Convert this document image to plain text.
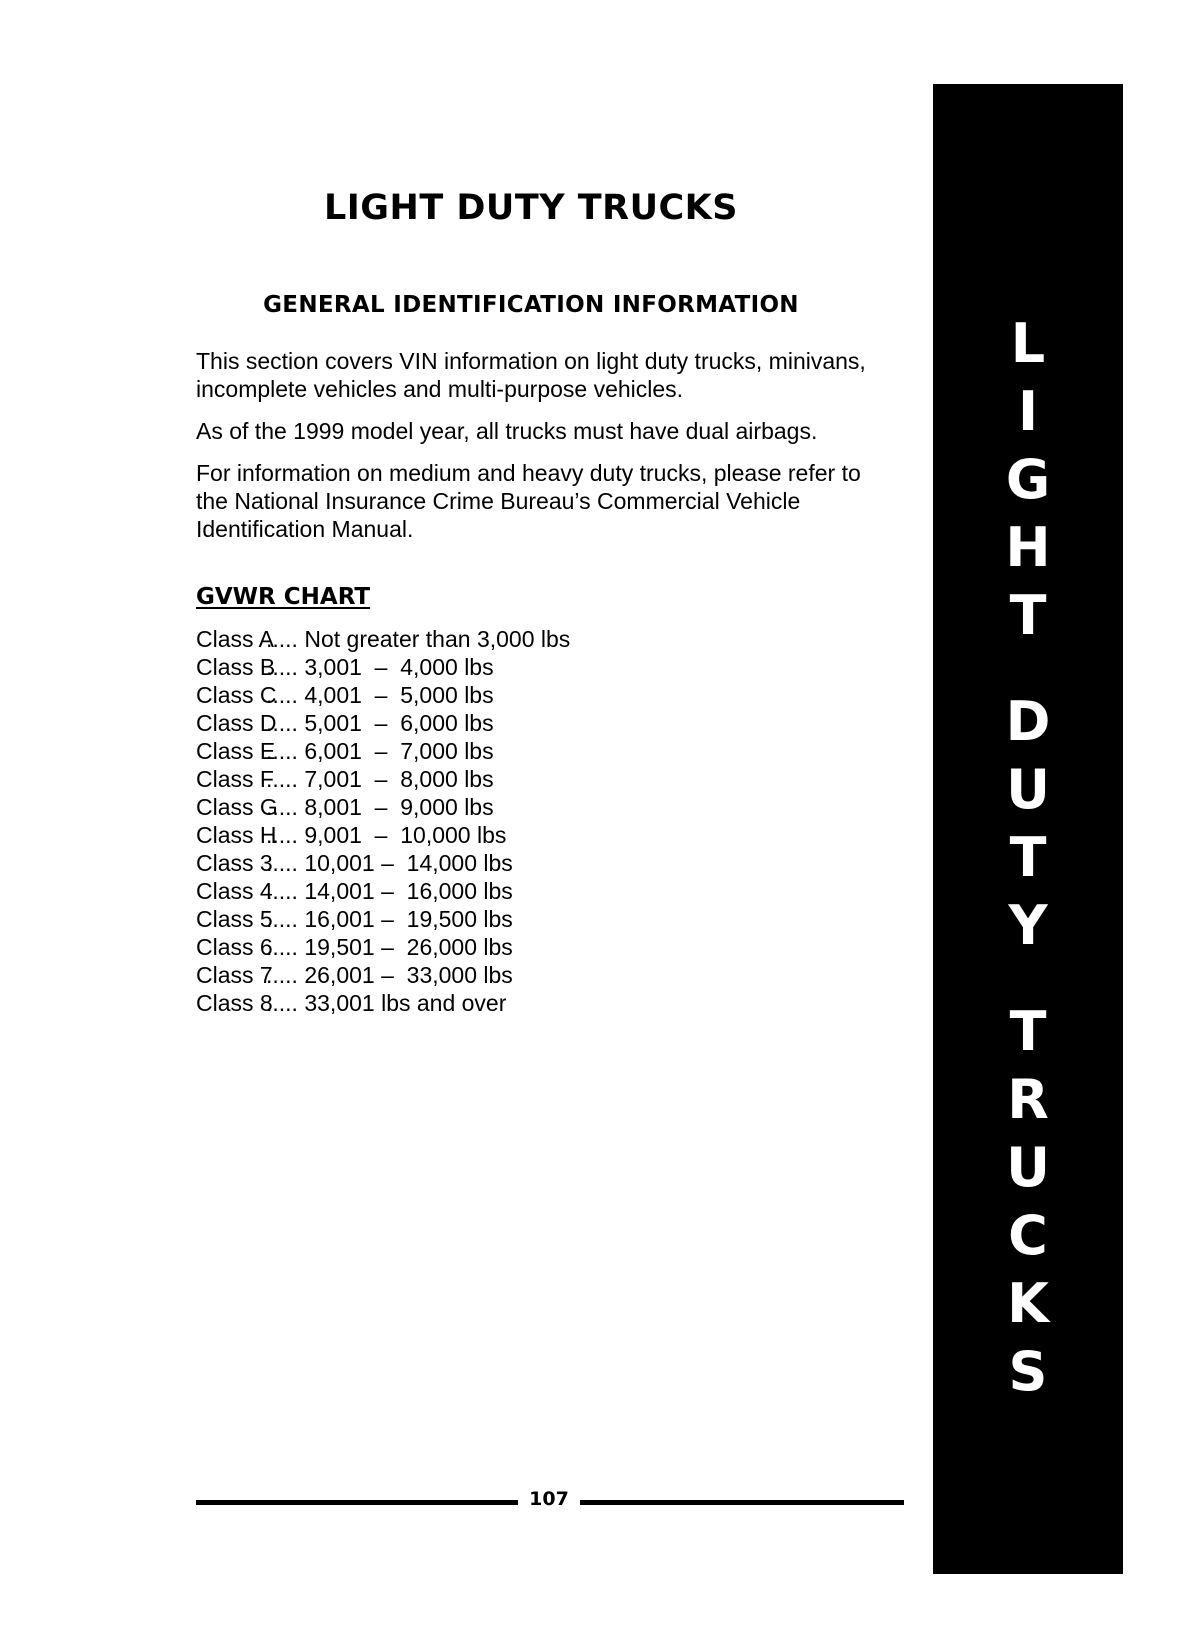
LIGHT DUTY TRUCKS
GENERAL IDENTIFICATION INFORMATION

This section covers VIN information on light duty trucks, minivans, incomplete vehicles and multi-purpose vehicles.

As of the 1999 model year, all trucks must have dual airbags.

For information on medium and heavy duty trucks, please refer to the National Insurance Crime Bureau’s Commercial Vehicle Identification Manual.

GVWR CHART
Class A..... Not greater than 3,000 lbs
Class B..... 3,001  –  4,000 lbs
Class C..... 4,001  –  5,000 lbs
Class D..... 5,001  –  6,000 lbs
Class E..... 6,001  –  7,000 lbs
Class F..... 7,001  –  8,000 lbs
Class G..... 8,001  –  9,000 lbs
Class H..... 9,001  –  10,000 lbs
Class 3..... 10,001 –  14,000 lbs
Class 4..... 14,001 –  16,000 lbs
Class 5..... 16,001 –  19,500 lbs
Class 6..... 19,501 –  26,000 lbs
Class 7..... 26,001 –  33,000 lbs
Class 8..... 33,001 lbs and over
107
L
I
G
H
T
D
U
T
Y
T
R
U
C
K
S
